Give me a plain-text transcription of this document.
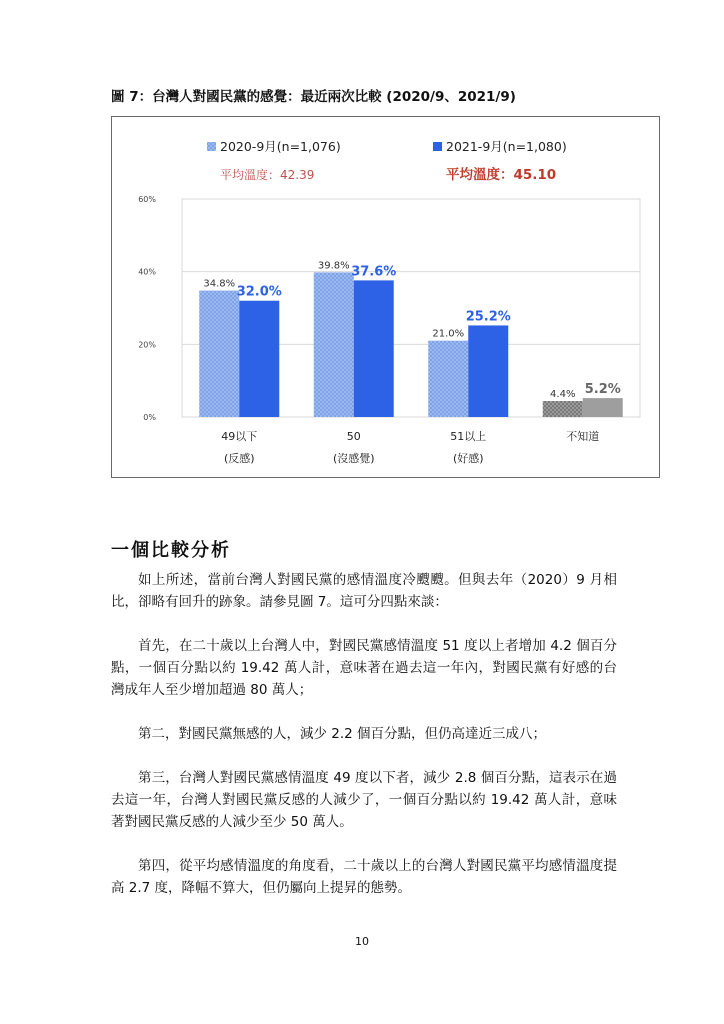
圖 7：台灣人對國民黨的感覺：最近兩次比較 (2020/9、2021/9)
0%
20%
40%
60%
34.8%
32.0%
49以下
(反感)
39.8% 37.6%
50
(沒感覺)
21.0%
25.2%
51以上
(好感)
4.4% 5.2%
不知道
2020-9月(n=1,076)	2021-9月(n=1,080)
平均溫度：42.39	平均溫度：45.10
一個比較分析

如上所述，當前台灣人對國民黨的感情溫度冷颼颼。但與去年（2020）9 月相比，卻略有回升的跡象。請參見圖 7。這可分四點來談：

首先，在二十歲以上台灣人中，對國民黨感情溫度 51 度以上者增加 4.2 個百分點，一個百分點以約 19.42 萬人計，意味著在過去這一年內，對國民黨有好感的台灣成年人至少增加超過 80 萬人；

第二，對國民黨無感的人，減少 2.2 個百分點，但仍高達近三成八；

第三，台灣人對國民黨感情溫度 49 度以下者，減少 2.8 個百分點，這表示在過去這一年，台灣人對國民黨反感的人減少了，一個百分點以約 19.42 萬人計，意味著對國民黨反感的人減少至少 50 萬人。

第四，從平均感情溫度的角度看，二十歲以上的台灣人對國民黨平均感情溫度提高 2.7 度，降幅不算大，但仍屬向上提昇的態勢。

10
